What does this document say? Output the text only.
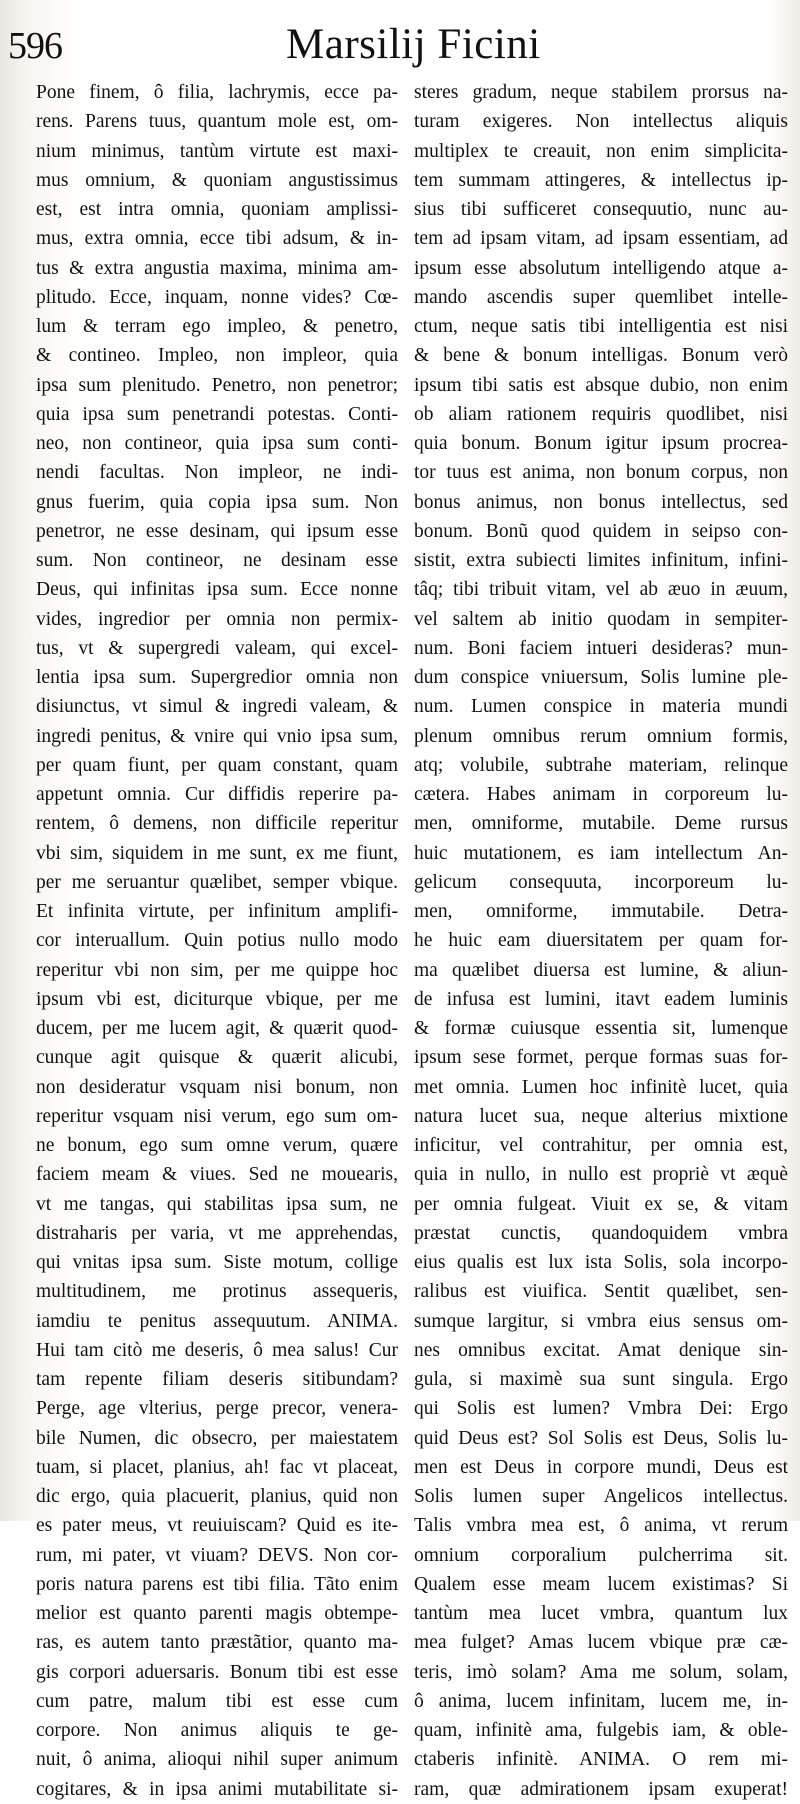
596	Marsilij Ficini
Pone finem, ô filia, lachrymis, ecce pa-
rens. Parens tuus, quantum mole est, om-
nium minimus, tantùm virtute est maxi-
mus omnium, & quoniam angustissimus
est, est intra omnia, quoniam amplissi-
mus, extra omnia, ecce tibi adsum, & in-
tus & extra angustia maxima, minima am-
plitudo. Ecce, inquam, nonne vides? Cœ-
lum & terram ego impleo, & penetro,
& contineo. Impleo, non impleor, quia
ipsa sum plenitudo. Penetro, non penetror;
quia ipsa sum penetrandi potestas. Conti-
neo, non contineor, quia ipsa sum conti-
nendi facultas. Non impleor, ne indi-
gnus fuerim, quia copia ipsa sum. Non
penetror, ne esse desinam, qui ipsum esse
sum. Non contineor, ne desinam esse
Deus, qui infinitas ipsa sum. Ecce nonne
vides, ingredior per omnia non permix-
tus, vt & supergredi valeam, qui excel-
lentia ipsa sum. Supergredior omnia non
disiunctus, vt simul & ingredi valeam, &
ingredi penitus, & vnire qui vnio ipsa sum,
per quam fiunt, per quam constant, quam
appetunt omnia. Cur diffidis reperire pa-
rentem, ô demens, non difficile reperitur
vbi sim, siquidem in me sunt, ex me fiunt,
per me seruantur quælibet, semper vbique.
Et infinita virtute, per infinitum amplifi-
cor interuallum. Quin potius nullo modo
reperitur vbi non sim, per me quippe hoc
ipsum vbi est, diciturque vbique, per me
ducem, per me lucem agit, & quærit quod-
cunque agit quisque & quærit alicubi,
non desideratur vsquam nisi bonum, non
reperitur vsquam nisi verum, ego sum om-
ne bonum, ego sum omne verum, quære
faciem meam & viues. Sed ne mouearis,
vt me tangas, qui stabilitas ipsa sum, ne
distraharis per varia, vt me apprehendas,
qui vnitas ipsa sum. Siste motum, collige
multitudinem, me protinus assequeris,
iamdiu te penitus assequutum. ANIMA.
Hui tam citò me deseris, ô mea salus! Cur
tam repente filiam deseris sitibundam?
Perge, age vlterius, perge precor, venera-
bile Numen, dic obsecro, per maiestatem
tuam, si placet, planius, ah! fac vt placeat,
dic ergo, quia placuerit, planius, quid non
es pater meus, vt reuiuiscam? Quid es ite-
rum, mi pater, vt viuam? DEVS. Non cor-
poris natura parens est tibi filia. Tãto enim
melior est quanto parenti magis obtempe-
ras, es autem tanto præstãtior, quanto ma-
gis corpori aduersaris. Bonum tibi est esse
cum patre, malum tibi est esse cum
corpore. Non animus aliquis te ge-
nuit, ô anima, alioqui nihil super animum
cogitares, & in ipsa animi mutabilitate si-
steres gradum, neque stabilem prorsus na-
turam exigeres. Non intellectus aliquis
multiplex te creauit, non enim simplicita-
tem summam attingeres, & intellectus ip-
sius tibi sufficeret consequutio, nunc au-
tem ad ipsam vitam, ad ipsam essentiam, ad
ipsum esse absolutum intelligendo atque a-
mando ascendis super quemlibet intelle-
ctum, neque satis tibi intelligentia est nisi
& bene & bonum intelligas. Bonum verò
ipsum tibi satis est absque dubio, non enim
ob aliam rationem requiris quodlibet, nisi
quia bonum. Bonum igitur ipsum procrea-
tor tuus est anima, non bonum corpus, non
bonus animus, non bonus intellectus, sed
bonum. Bonũ quod quidem in seipso con-
sistit, extra subiecti limites infinitum, infini-
tâq; tibi tribuit vitam, vel ab æuo in æuum,
vel saltem ab initio quodam in sempiter-
num. Boni faciem intueri desideras? mun-
dum conspice vniuersum, Solis lumine ple-
num. Lumen conspice in materia mundi
plenum omnibus rerum omnium formis,
atq; volubile, subtrahe materiam, relinque
cætera. Habes animam in corporeum lu-
men, omniforme, mutabile. Deme rursus
huic mutationem, es iam intellectum An-
gelicum consequuta, incorporeum lu-
men, omniforme, immutabile. Detra-
he huic eam diuersitatem per quam for-
ma quælibet diuersa est lumine, & aliun-
de infusa est lumini, itavt eadem luminis
& formæ cuiusque essentia sit, lumenque
ipsum sese formet, perque formas suas for-
met omnia. Lumen hoc infinitè lucet, quia
natura lucet sua, neque alterius mixtione
inficitur, vel contrahitur, per omnia est,
quia in nullo, in nullo est propriè vt æquè
per omnia fulgeat. Viuit ex se, & vitam
præstat cunctis, quandoquidem vmbra
eius qualis est lux ista Solis, sola incorpo-
ralibus est viuifica. Sentit quælibet, sen-
sumque largitur, si vmbra eius sensus om-
nes omnibus excitat. Amat denique sin-
gula, si maximè sua sunt singula. Ergo
qui Solis est lumen? Vmbra Dei: Ergo
quid Deus est? Sol Solis est Deus, Solis lu-
men est Deus in corpore mundi, Deus est
Solis lumen super Angelicos intellectus.
Talis vmbra mea est, ô anima, vt rerum
omnium corporalium pulcherrima sit.
Qualem esse meam lucem existimas? Si
tantùm mea lucet vmbra, quantum lux
mea fulget? Amas lucem vbique præ cæ-
teris, imò solam? Ama me solum, solam,
ô anima, lucem infinitam, lucem me, in-
quam, infinitè ama, fulgebis iam, & oble-
ctaberis infinitè. ANIMA. O rem mi-
ram, quæ admirationem ipsam exuperat!
